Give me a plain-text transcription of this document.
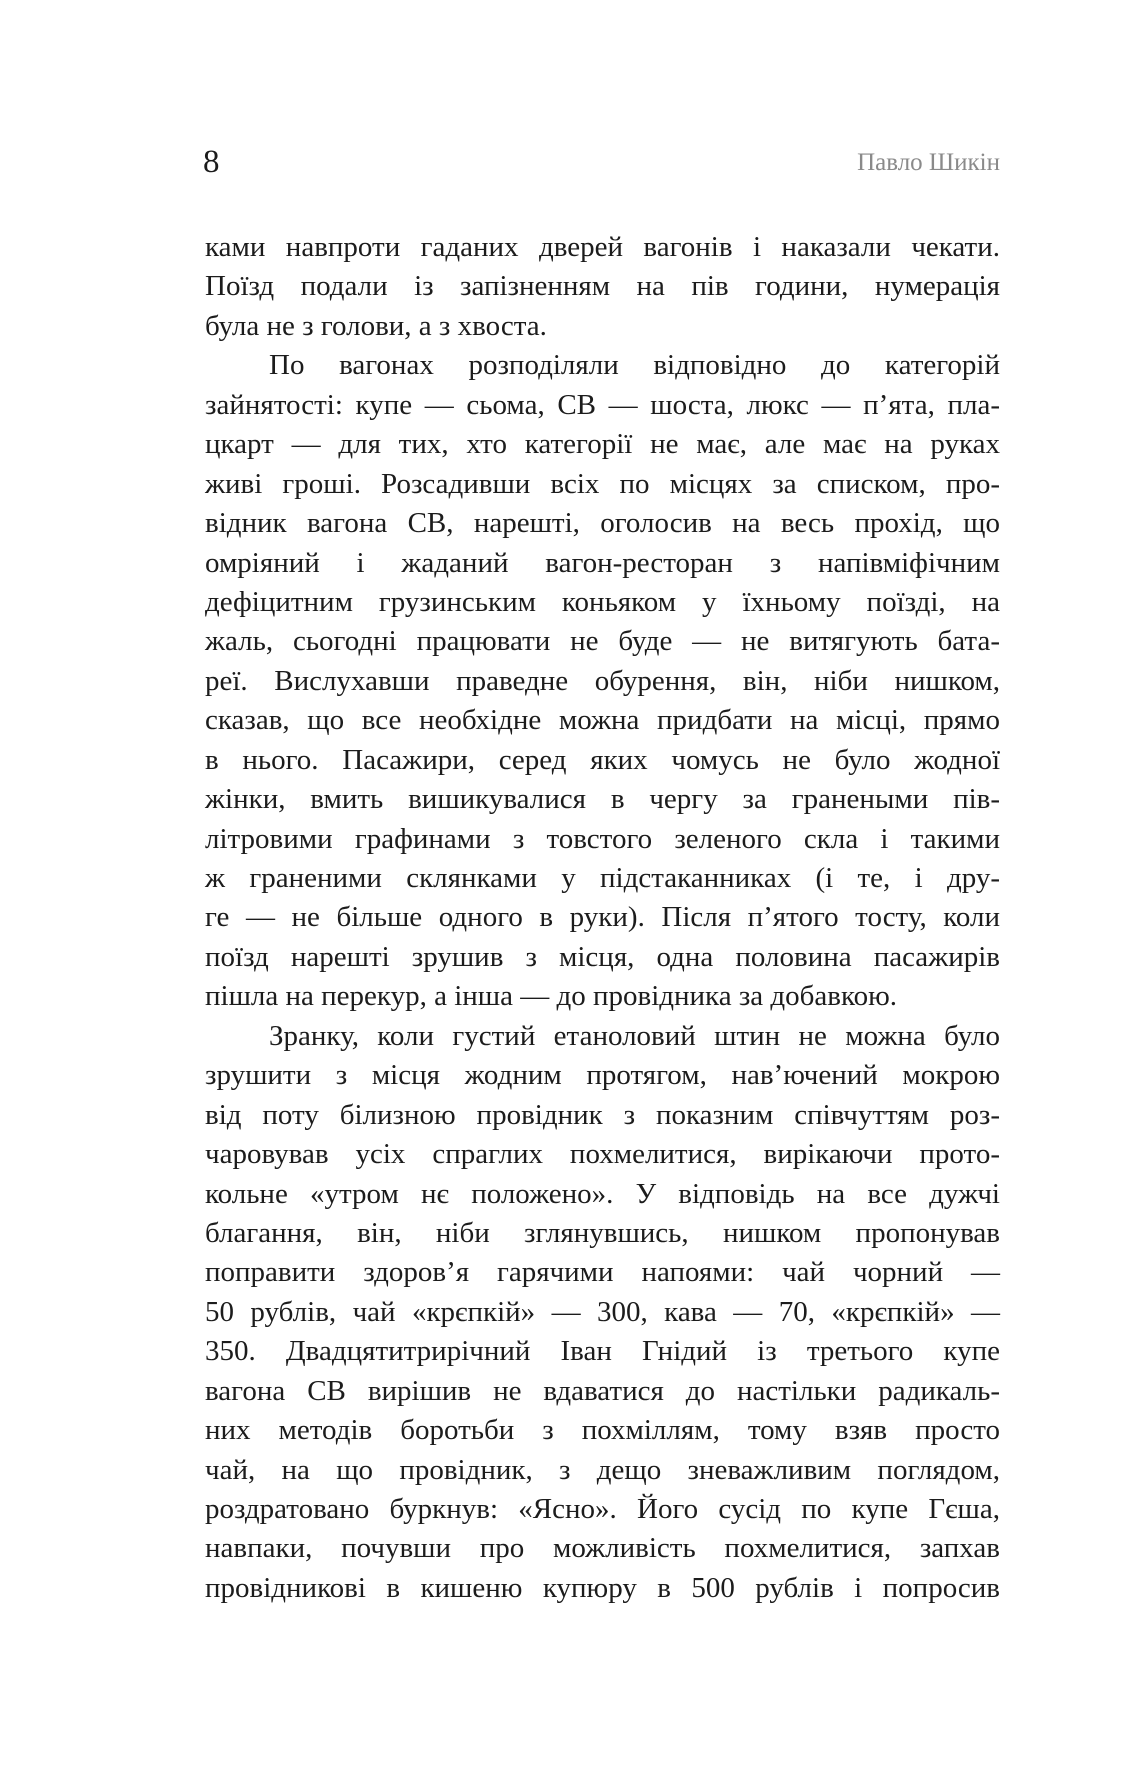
8	Павло Шикін
ками навпроти гаданих дверей вагонів і наказали чекати.
Поїзд подали із запізненням на пів години, нумерація
була не з голови, а з хвоста.
По вагонах розподіляли відповідно до категорій
зайнятості: купе — сьома, СВ — шоста, люкс — п’ята, пла-
цкарт — для тих, хто категорії не має, але має на руках
живі гроші. Розсадивши всіх по місцях за списком, про-
відник вагона СВ, нарешті, оголосив на весь прохід, що
омріяний і жаданий вагон-ресторан з напівміфічним
дефіцитним грузинським коньяком у їхньому поїзді, на
жаль, сьогодні працювати не буде — не витягують бата-
реї. Вислухавши праведне обурення, він, ніби нишком,
сказав, що все необхідне можна придбати на місці, прямо
в нього. Пасажири, серед яких чомусь не було жодної
жінки, вмить вишикувалися в чергу за гранеными пів-
літровими графинами з товстого зеленого скла і такими
ж граненими склянками у підстаканниках (і те, і дру-
ге — не більше одного в руки). Після п’ятого тосту, коли
поїзд нарешті зрушив з місця, одна половина пасажирів
пішла на перекур, а інша — до провідника за добавкою.
Зранку, коли густий етаноловий штин не можна було
зрушити з місця жодним протягом, нав’ючений мокрою
від поту білизною провідник з показним співчуттям роз-
чаровував усіх спраглих похмелитися, вирікаючи прото-
кольне «утром нє положено». У відповідь на все дужчі
благання, він, ніби зглянувшись, нишком пропонував
поправити здоров’я гарячими напоями: чай чорний —
50 рублів, чай «крєпкій» — 300, кава — 70, «крєпкій» —
350. Двадцятитрирічний Іван Гнідий із третього купе
вагона СВ вирішив не вдаватися до настільки радикаль-
них методів боротьби з похміллям, тому взяв просто
чай, на що провідник, з дещо зневажливим поглядом,
роздратовано буркнув: «Ясно». Його сусід по купе Гєша,
навпаки, почувши про можливість похмелитися, запхав
провідникові в кишеню купюру в 500 рублів і попросив
